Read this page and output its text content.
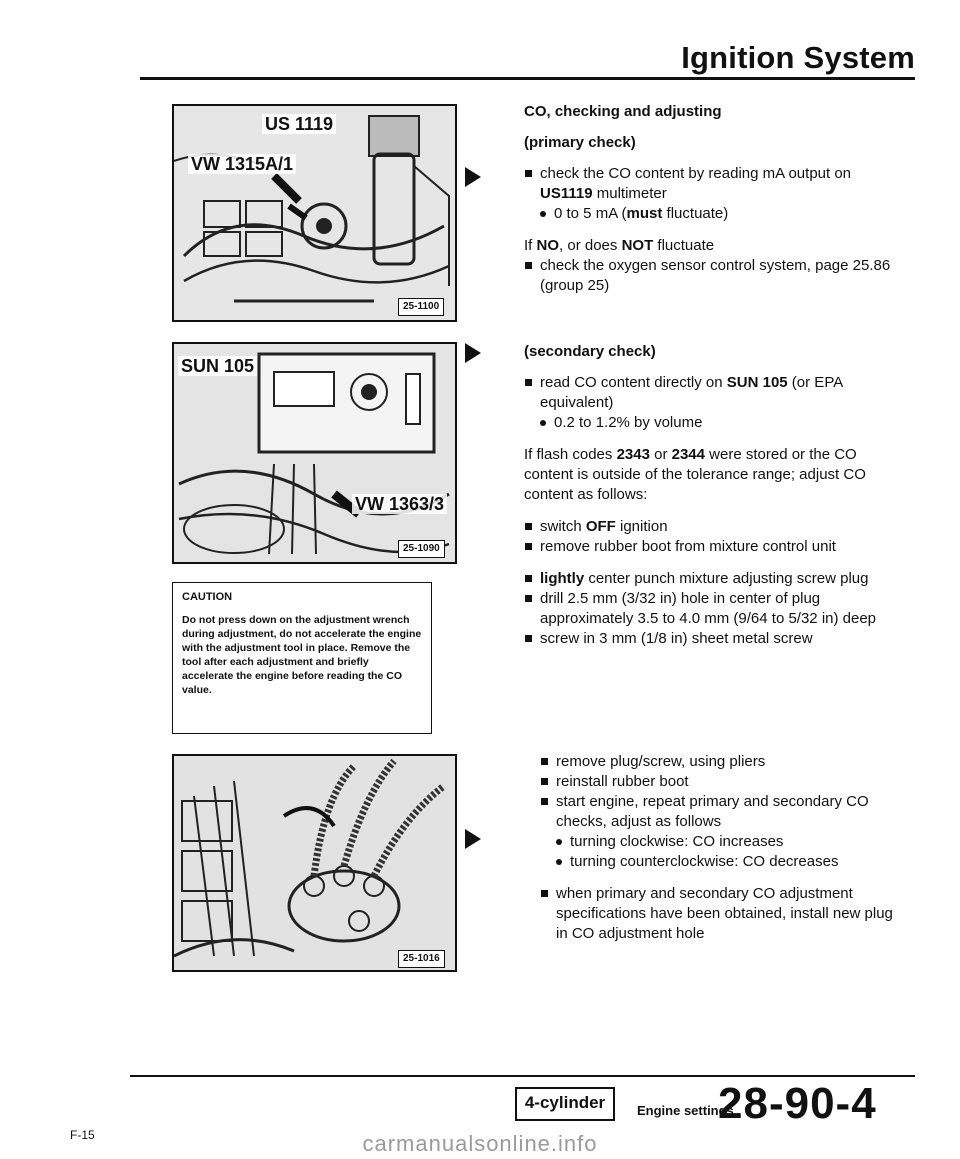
Ignition System
US 1119
VW 1315A/1
25-1100
SUN 105
VW 1363/3
25-1090
CAUTION
Do not press down on the adjustment wrench during adjustment, do not accelerate the engine with the adjustment tool in place. Remove the tool after each adjustment and briefly accelerate the engine before reading the CO value.
25-1016
CO, checking and adjusting
(primary check)
check the CO content by reading mA output on US1119 multimeter
0 to 5 mA (must fluctuate)
If NO, or does NOT fluctuate
check the oxygen sensor control system, page 25.86 (group 25)
(secondary check)
read CO content directly on SUN 105 (or EPA equivalent)
0.2 to 1.2% by volume
If flash codes 2343 or 2344 were stored or the CO content is outside of the tolerance range; adjust CO content as follows:
switch OFF ignition
remove rubber boot from mixture control unit
lightly center punch mixture adjusting screw plug
drill 2.5 mm (3/32 in) hole in center of plug approximately 3.5 to 4.0 mm (9/64 to 5/32 in) deep
screw in 3 mm (1/8 in) sheet metal screw
remove plug/screw, using pliers
reinstall rubber boot
start engine, repeat primary and secondary CO checks, adjust as follows
turning clockwise: CO increases
turning counterclockwise: CO decreases
when primary and secondary CO adjustment specifications have been obtained, install new plug in CO adjustment hole
F-15
4-cylinder	Engine settings
28-90-4
carmanualsonline.info
